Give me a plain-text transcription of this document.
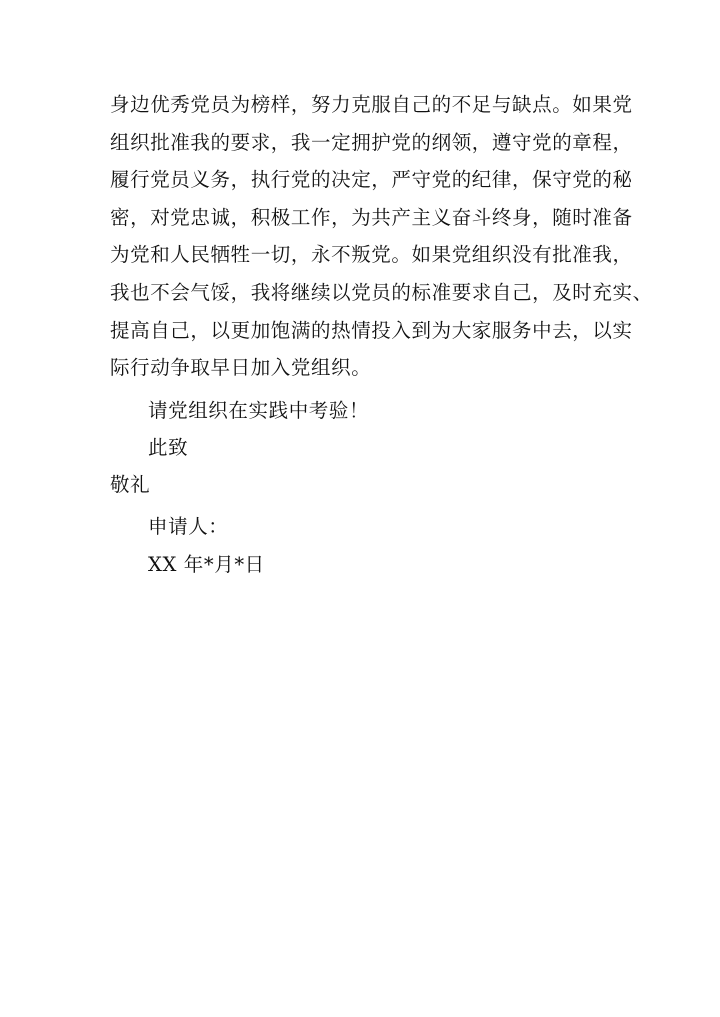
身边优秀党员为榜样，努力克服自己的不足与缺点。如果党
组织批准我的要求，我一定拥护党的纲领，遵守党的章程，
履行党员义务，执行党的决定，严守党的纪律，保守党的秘
密，对党忠诚，积极工作，为共产主义奋斗终身，随时准备
为党和人民牺牲一切，永不叛党。如果党组织没有批准我，
我也不会气馁，我将继续以党员的标准要求自己，及时充实、
提高自己，以更加饱满的热情投入到为大家服务中去，以实
际行动争取早日加入党组织。

请党组织在实践中考验！

此致

敬礼

申请人：

XX 年*月*日
